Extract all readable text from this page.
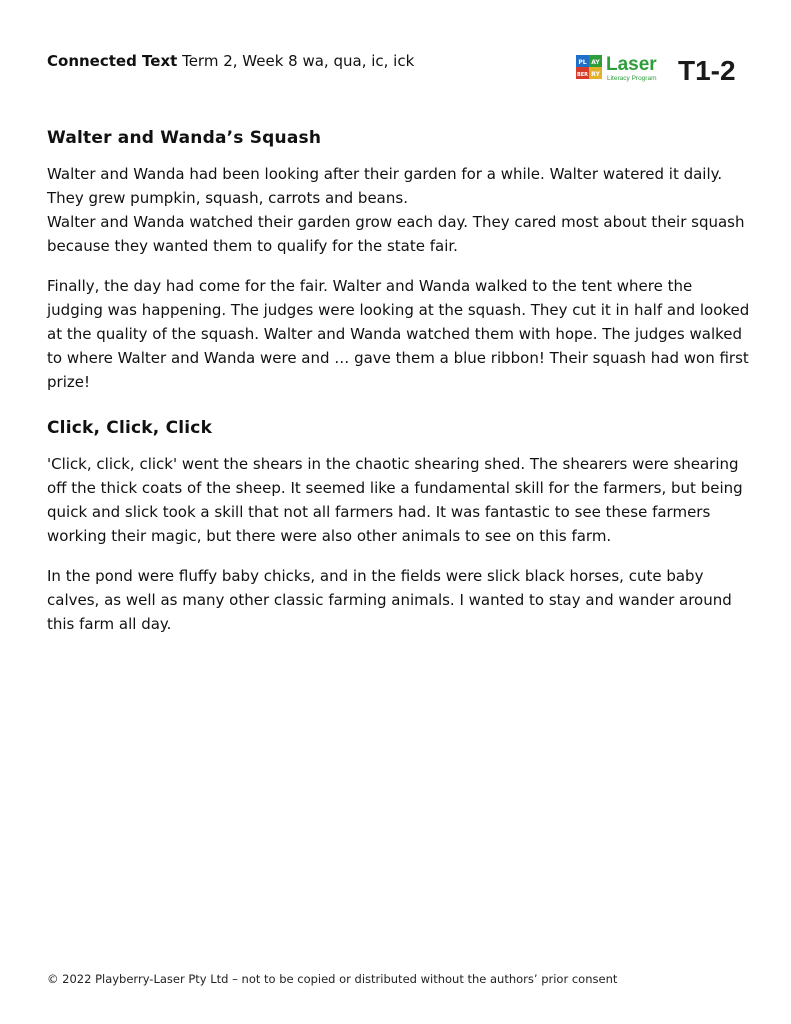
Connected Text Term 2, Week 8 wa, qua, ic, ick	PL AY
BER RY Laser
Literacy Program T1-2
Walter and Wanda’s Squash

Walter and Wanda had been looking after their garden for a while. Walter watered it daily. They grew pumpkin, squash, carrots and beans.
Walter and Wanda watched their garden grow each day. They cared most about their squash because they wanted them to qualify for the state fair.

Finally, the day had come for the fair. Walter and Wanda walked to the tent where the judging was happening. The judges were looking at the squash. They cut it in half and looked at the quality of the squash. Walter and Wanda watched them with hope. The judges walked to where Walter and Wanda were and … gave them a blue ribbon! Their squash had won first prize!

Click, Click, Click

'Click, click, click' went the shears in the chaotic shearing shed. The shearers were shearing off the thick coats of the sheep. It seemed like a fundamental skill for the farmers, but being quick and slick took a skill that not all farmers had. It was fantastic to see these farmers working their magic, but there were also other animals to see on this farm.

In the pond were fluffy baby chicks, and in the fields were slick black horses, cute baby calves, as well as many other classic farming animals. I wanted to stay and wander around this farm all day.

© 2022 Playberry-Laser Pty Ltd – not to be copied or distributed without the authors’ prior consent
